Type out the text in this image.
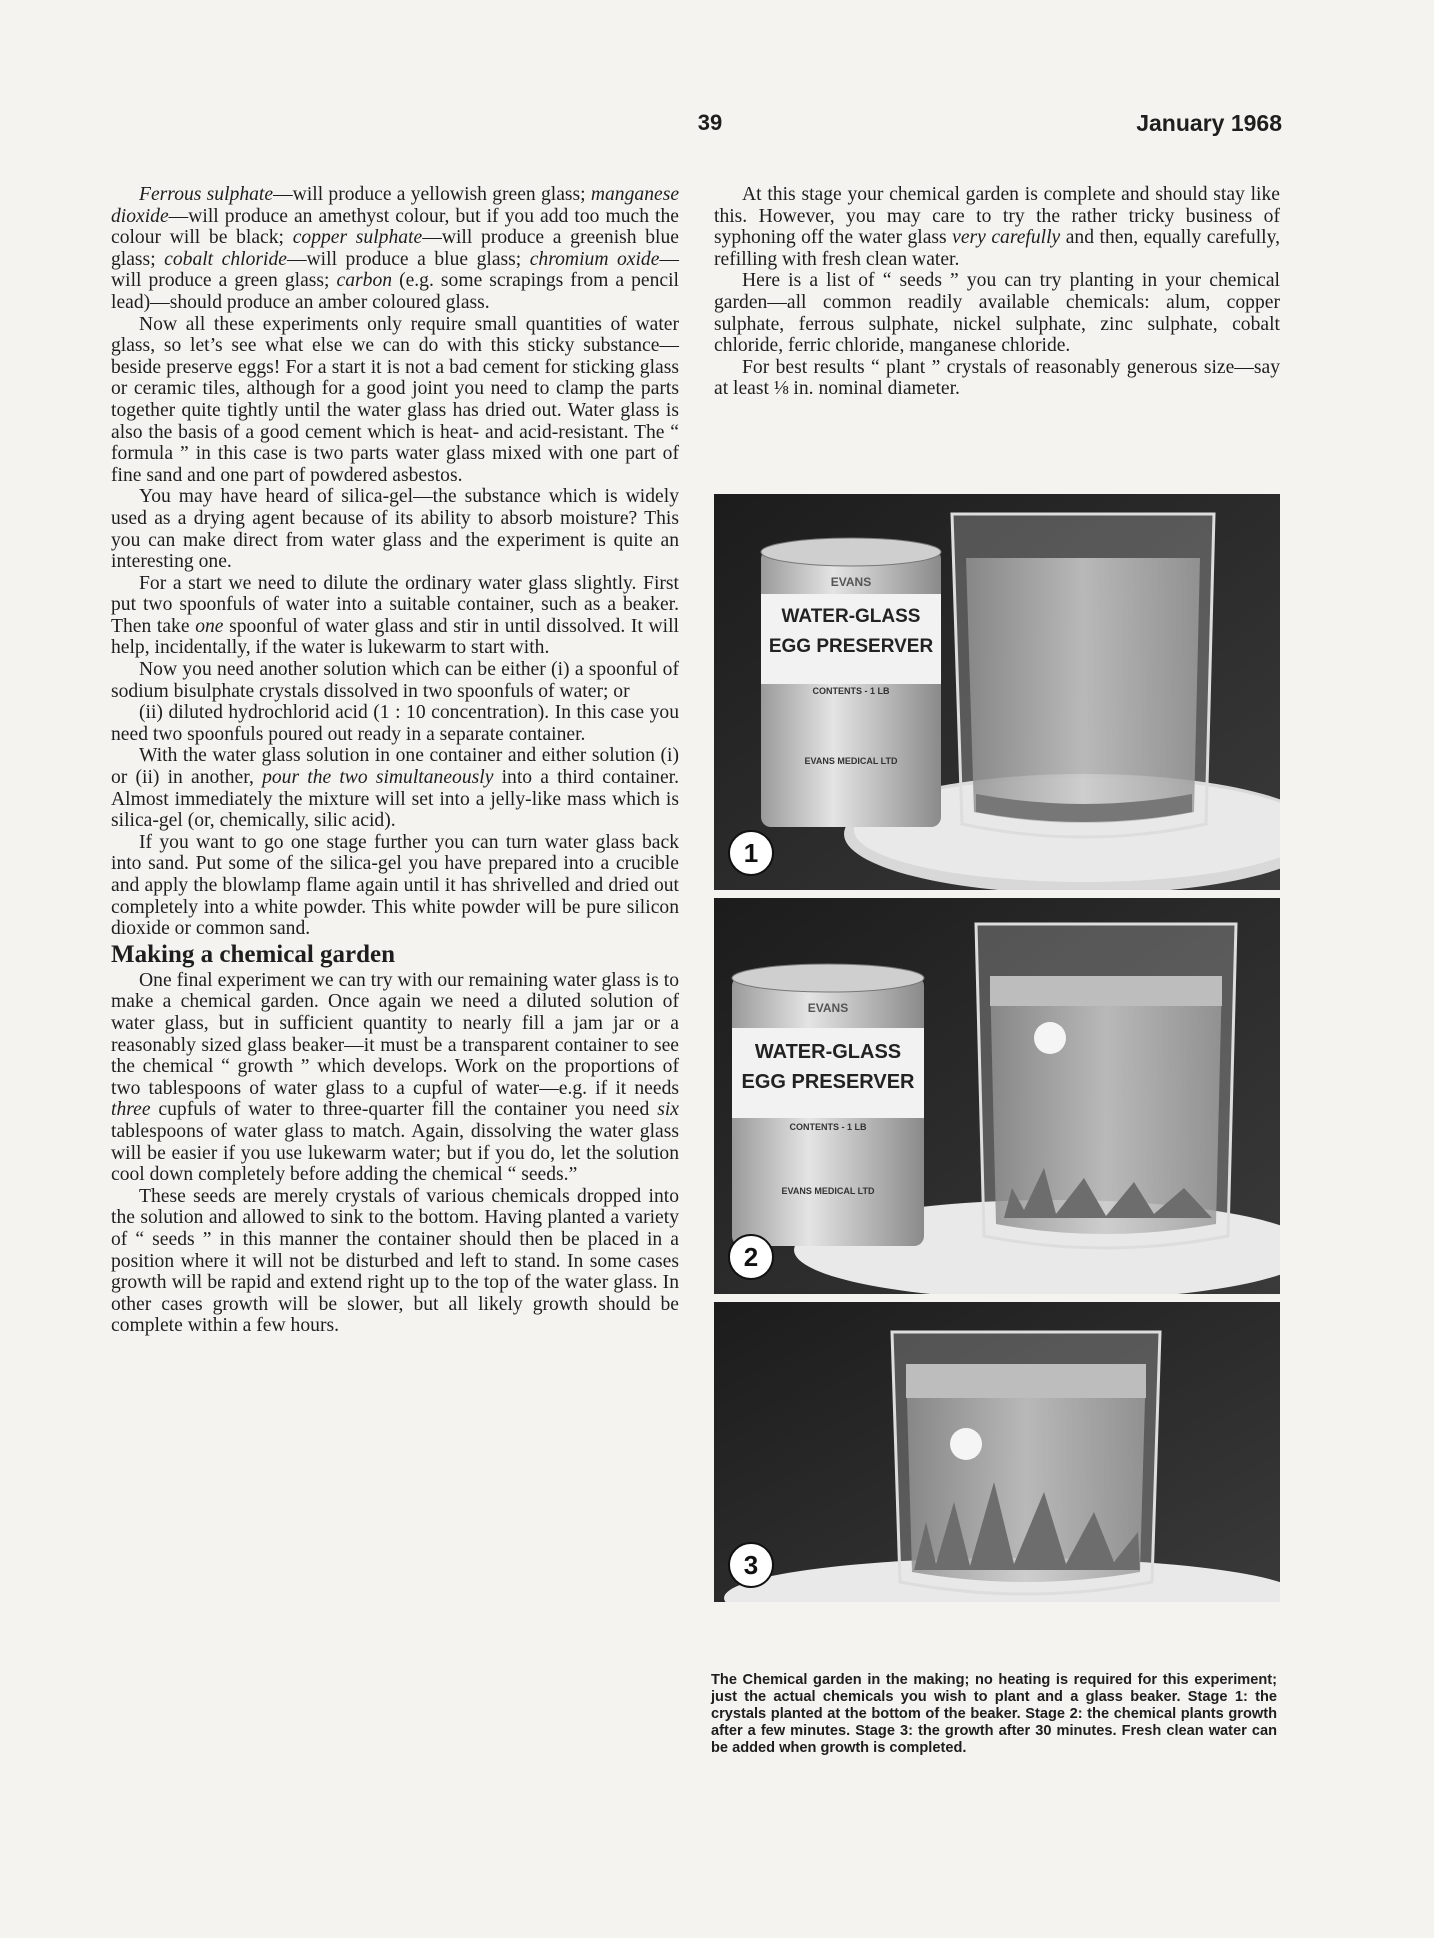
39	January 1968

Ferrous sulphate—will produce a yellowish green glass; manganese dioxide—will produce an amethyst colour, but if you add too much the colour will be black; copper sulphate—will produce a greenish blue glass; cobalt chloride—will produce a blue glass; chromium oxide—will produce a green glass; carbon (e.g. some scrapings from a pencil lead)—should produce an amber coloured glass.

Now all these experiments only require small quantities of water glass, so let’s see what else we can do with this sticky substance—beside preserve eggs! For a start it is not a bad cement for sticking glass or ceramic tiles, although for a good joint you need to clamp the parts together quite tightly until the water glass has dried out. Water glass is also the basis of a good cement which is heat- and acid-resistant. The “ formula ” in this case is two parts water glass mixed with one part of fine sand and one part of powdered asbestos.

You may have heard of silica-gel—the substance which is widely used as a drying agent because of its ability to absorb moisture? This you can make direct from water glass and the experiment is quite an interesting one.

For a start we need to dilute the ordinary water glass slightly. First put two spoonfuls of water into a suitable container, such as a beaker. Then take one spoonful of water glass and stir in until dissolved. It will help, incidentally, if the water is lukewarm to start with.

Now you need another solution which can be either (i) a spoonful of sodium bisulphate crystals dissolved in two spoonfuls of water; or

(ii) diluted hydrochlorid acid (1 : 10 concentration). In this case you need two spoonfuls poured out ready in a separate container.

With the water glass solution in one container and either solution (i) or (ii) in another, pour the two simultaneously into a third container. Almost immediately the mixture will set into a jelly-like mass which is silica-gel (or, chemically, silic acid).

If you want to go one stage further you can turn water glass back into sand. Put some of the silica-gel you have prepared into a crucible and apply the blowlamp flame again until it has shrivelled and dried out completely into a white powder. This white powder will be pure silicon dioxide or common sand.

Making a chemical garden

One final experiment we can try with our remaining water glass is to make a chemical garden. Once again we need a diluted solution of water glass, but in sufficient quantity to nearly fill a jam jar or a reasonably sized glass beaker—it must be a transparent container to see the chemical “ growth ” which develops. Work on the proportions of two tablespoons of water glass to a cupful of water—e.g. if it needs three cupfuls of water to three-quarter fill the container you need six tablespoons of water glass to match. Again, dissolving the water glass will be easier if you use lukewarm water; but if you do, let the solution cool down completely before adding the chemical “ seeds.”

These seeds are merely crystals of various chemicals dropped into the solution and allowed to sink to the bottom. Having planted a variety of “ seeds ” in this manner the container should then be placed in a position where it will not be disturbed and left to stand. In some cases growth will be rapid and extend right up to the top of the water glass. In other cases growth will be slower, but all likely growth should be complete within a few hours.

At this stage your chemical garden is complete and should stay like this. However, you may care to try the rather tricky business of syphoning off the water glass very carefully and then, equally carefully, refilling with fresh clean water.

Here is a list of “ seeds ” you can try planting in your chemical garden—all common readily available chemicals: alum, copper sulphate, ferrous sulphate, nickel sulphate, zinc sulphate, cobalt chloride, ferric chloride, manganese chloride.

For best results “ plant ” crystals of reasonably generous size—say at least ⅛ in. nominal diameter.

EVANS
WATER-GLASS
EGG PRESERVER
CONTENTS - 1 LB
EVANS MEDICAL LTD
1
EVANS
WATER-GLASS
EGG PRESERVER
CONTENTS - 1 LB
EVANS MEDICAL LTD
2
3
The Chemical garden in the making; no heating is required for this experiment; just the actual chemicals you wish to plant and a glass beaker. Stage 1: the crystals planted at the bottom of the beaker. Stage 2: the chemical plants growth after a few minutes. Stage 3: the growth after 30 minutes. Fresh clean water can be added when growth is completed.
